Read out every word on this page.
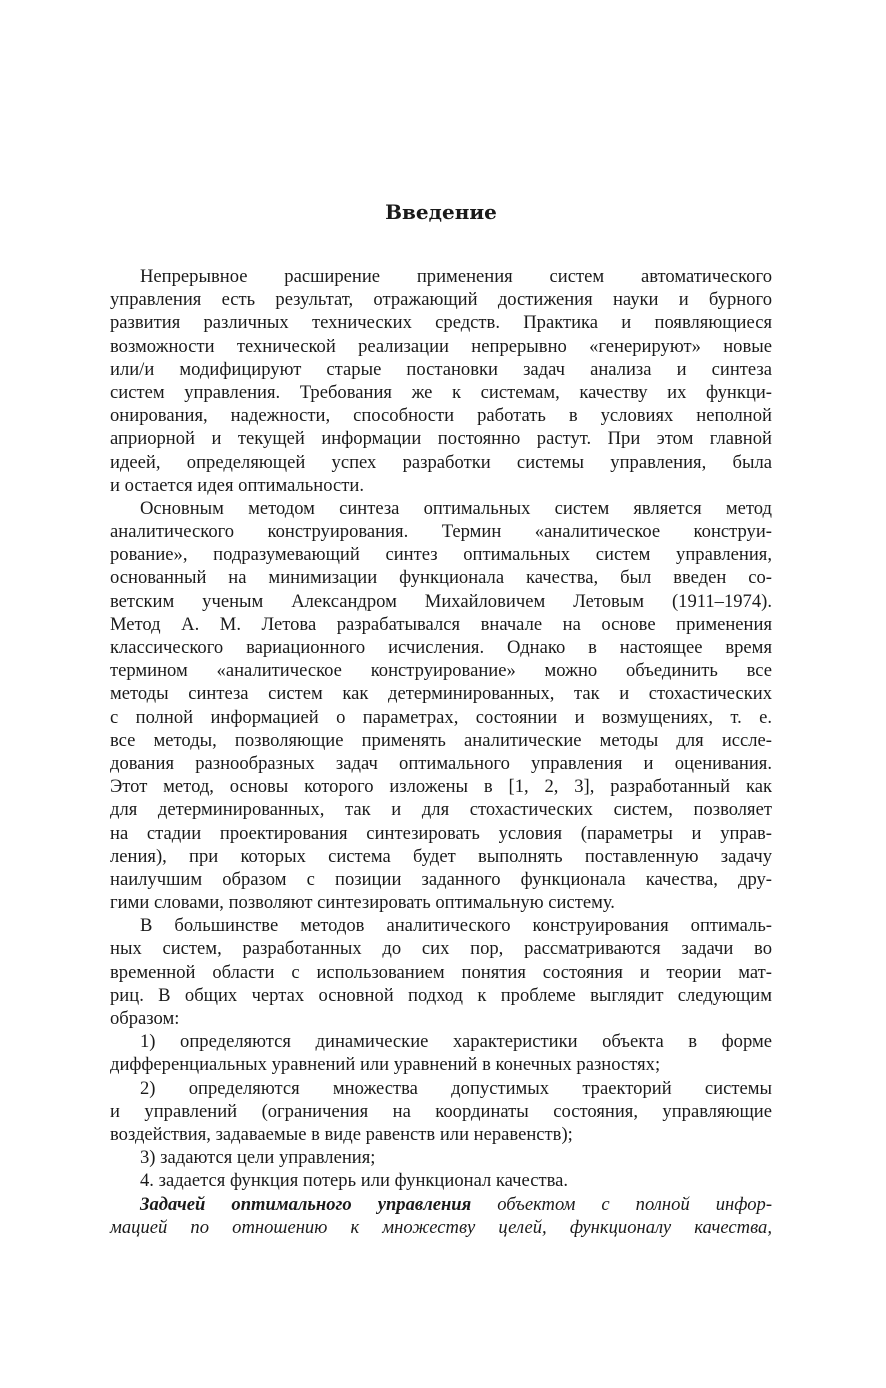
Введение
Непрерывное расширение применения систем автоматического
управления есть результат, отражающий достижения науки и бурного
развития различных технических средств. Практика и появляющиеся
возможности технической реализации непрерывно «генерируют» новые
или/и модифицируют старые постановки задач анализа и синтеза
систем управления. Требования же к системам, качеству их функци-
онирования, надежности, способности работать в условиях неполной
априорной и текущей информации постоянно растут. При этом главной
идеей, определяющей успех разработки системы управления, была
и остается идея оптимальности.
Основным методом синтеза оптимальных систем является метод
аналитического конструирования. Термин «аналитическое конструи-
рование», подразумевающий синтез оптимальных систем управления,
основанный на минимизации функционала качества, был введен со-
ветским ученым Александром Михайловичем Летовым (1911–1974).
Метод А. М. Летова разрабатывался вначале на основе применения
классического вариационного исчисления. Однако в настоящее время
термином «аналитическое конструирование» можно объединить все
методы синтеза систем как детерминированных, так и стохастических
с полной информацией о параметрах, состоянии и возмущениях, т. е.
все методы, позволяющие применять аналитические методы для иссле-
дования разнообразных задач оптимального управления и оценивания.
Этот метод, основы которого изложены в [1, 2, 3], разработанный как
для детерминированных, так и для стохастических систем, позволяет
на стадии проектирования синтезировать условия (параметры и управ-
ления), при которых система будет выполнять поставленную задачу
наилучшим образом с позиции заданного функционала качества, дру-
гими словами, позволяют синтезировать оптимальную систему.
В большинстве методов аналитического конструирования оптималь-
ных систем, разработанных до сих пор, рассматриваются задачи во
временной области с использованием понятия состояния и теории мат-
риц. В общих чертах основной подход к проблеме выглядит следующим
образом:
1) определяются динамические характеристики объекта в форме
дифференциальных уравнений или уравнений в конечных разностях;
2) определяются множества допустимых траекторий системы
и управлений (ограничения на координаты состояния, управляющие
воздействия, задаваемые в виде равенств или неравенств);
3) задаются цели управления;
4. задается функция потерь или функционал качества.
Задачей оптимального управления объектом с полной инфор-
мацией по отношению к множеству целей, функционалу качества,
